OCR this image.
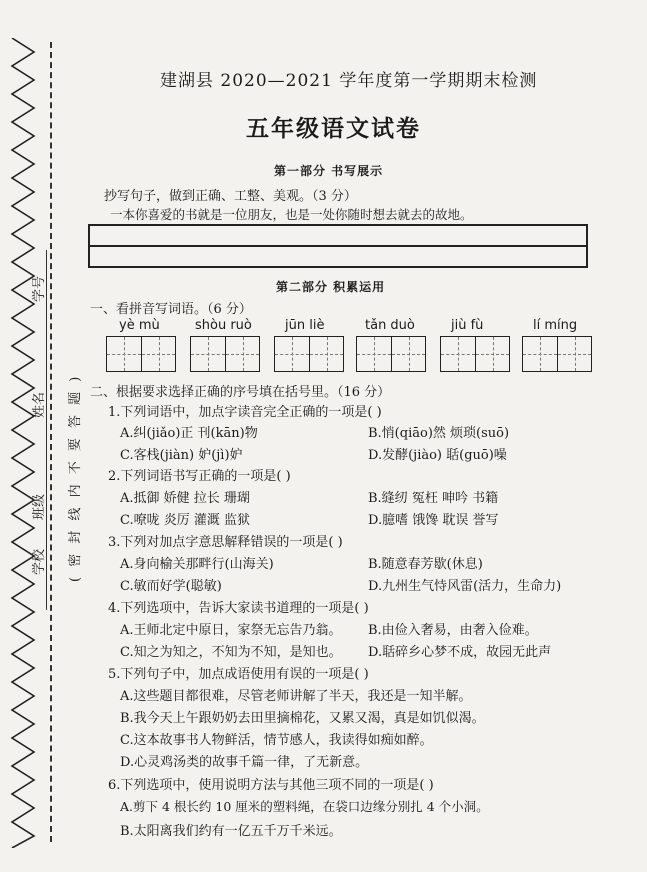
( 密 封 线 内 不 要 答 题 )
学校
班级
姓名
学号
建湖县 2020—2021 学年度第一学期期末检测
五年级语文试卷
第一部分 书写展示
抄写句子，做到正确、工整、美观。（3 分）
一本你喜爱的书就是一位朋友，也是一处你随时想去就去的故地。
第二部分 积累运用
一、看拼音写词语。（6 分）
yè mù	shòu ruò	jūn liè	tǎn duò	jiù fù	lí míng
二、根据要求选择正确的序号填在括号里。（16 分）
1.下列词语中，加点字读音完全正确的一项是( )
A.纠(jiǎo)正 刊(kān)物	B.悄(qiāo)然 烦琐(suō)
C.客栈(jiàn) 妒(jì)妒	D.发酵(jiào) 聒(guō)噪
2.下列词语书写正确的一项是( )
A.抵御 娇健 拉长 珊瑚	B.缝纫 冤枉 呻吟 书籍
C.嘹咙 炎厉 灌溉 监狱	D.臆嗜 饿馋 耽误 誉写
3.下列对加点字意思解释错误的一项是( )
A.身向榆关那畔行(山海关)	B.随意春芳歇(休息)
C.敏而好学(聪敏)	D.九州生气恃风雷(活力，生命力)
4.下列选项中，告诉大家读书道理的一项是( )
A.王师北定中原日，家祭无忘告乃翁。 B.由俭入奢易，由奢入俭难。
C.知之为知之，不知为不知，是知也。 D.聒碎乡心梦不成，故园无此声
5.下列句子中，加点成语使用有误的一项是( )
A.这些题目都很难，尽管老师讲解了半天，我还是一知半解。
B.我今天上午跟奶奶去田里摘棉花，又累又渴，真是如饥似渴。
C.这本故事书人物鲜活，情节感人，我读得如痴如醉。
D.心灵鸡汤类的故事千篇一律，了无新意。
6.下列选项中，使用说明方法与其他三项不同的一项是( )
A.剪下 4 根长约 10 厘米的塑料绳，在袋口边缘分别扎 4 个小洞。
B.太阳离我们约有一亿五千万千米远。
